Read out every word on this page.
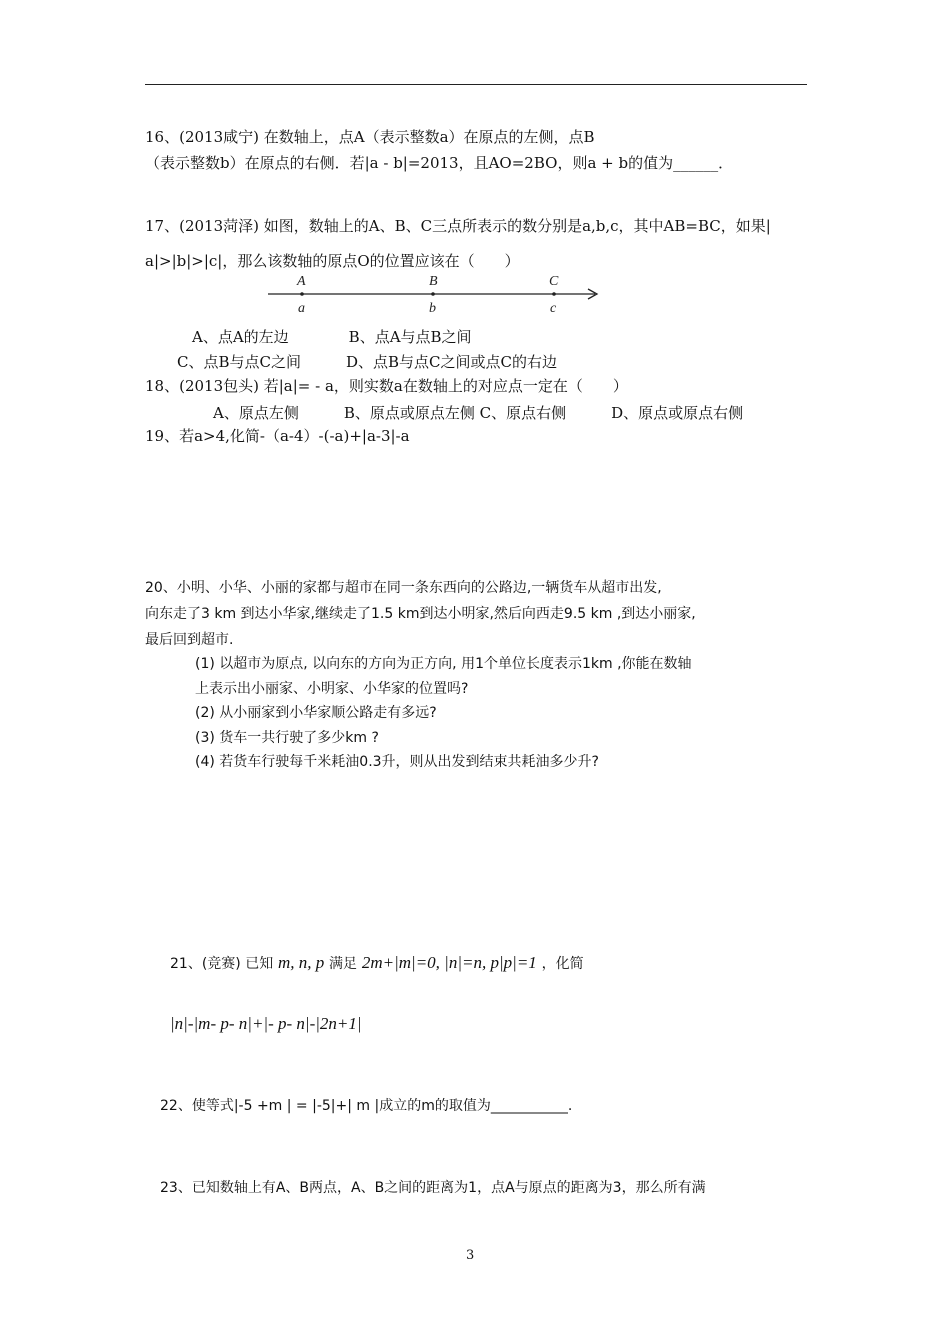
16、(2013咸宁) 在数轴上，点A（表示整数a）在原点的左侧，点B
（表示整数b）在原点的右侧．若|a - b|=2013，且AO=2BO，则a + b的值为______．
17、(2013菏泽) 如图，数轴上的A、B、C三点所表示的数分别是a,b,c，其中AB=BC，如果|
a|>|b|>|c|，那么该数轴的原点O的位置应该在（　　）
A	B	C
a	b	c
A、点A的左边　　　　B、点A与点B之间
C、点B与点C之间　　　D、点B与点C之间或点C的右边
18、(2013包头) 若|a|= - a，则实数a在数轴上的对应点一定在（　　）
A、原点左侧　　　B、原点或原点左侧 C、原点右侧　　　D、原点或原点右侧
19、若a>4,化简-（a-4）-(-a)+|a-3|-a
20、小明、小华、小丽的家都与超市在同一条东西向的公路边,一辆货车从超市出发,
向东走了3 km 到达小华家,继续走了1.5 km到达小明家,然后向西走9.5 km ,到达小丽家,
最后回到超市.
(1) 以超市为原点, 以向东的方向为正方向, 用1个单位长度表示1km ,你能在数轴
上表示出小丽家、小明家、小华家的位置吗?
(2) 从小丽家到小华家顺公路走有多远?
(3) 货车一共行驶了多少km ?
(4) 若货车行驶每千米耗油0.3升，则从出发到结束共耗油多少升?
21、(竞赛) 已知 m, n, p 满足 2m+|m|=0, |n|=n, p|p|=1 ，化简
|n|-|m- p- n|+|- p- n|-|2n+1|
22、使等式|-5 +m | = |-5|+| m |成立的m的取值为___________.
23、已知数轴上有A、B两点，A、B之间的距离为1，点A与原点的距离为3，那么所有满
3
